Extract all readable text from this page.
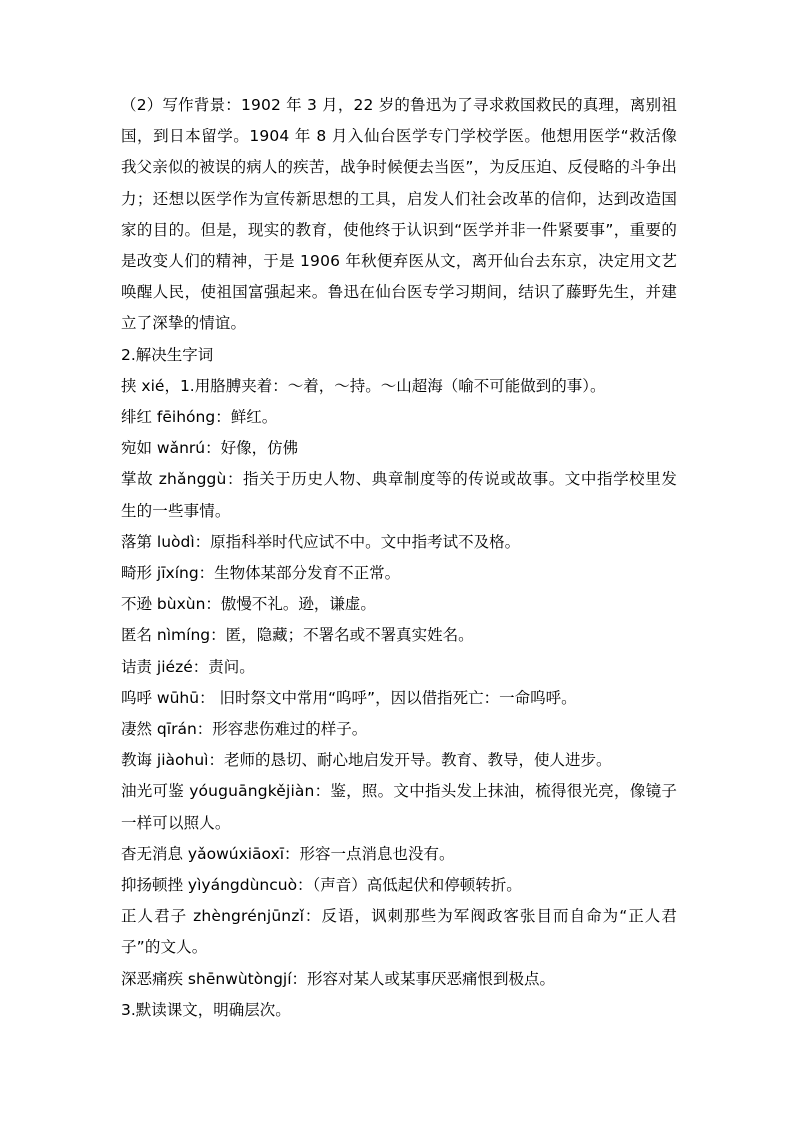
（2）写作背景：1902 年 3 月，22 岁的鲁迅为了寻求救国救民的真理，离别祖国，到日本留学。1904 年 8 月入仙台医学专门学校学医。他想用医学“救活像我父亲似的被误的病人的疾苦，战争时候便去当医”，为反压迫、反侵略的斗争出力；还想以医学作为宣传新思想的工具，启发人们社会改革的信仰，达到改造国家的目的。但是，现实的教育，使他终于认识到“医学并非一件紧要事”，重要的是改变人们的精神，于是 1906 年秋便弃医从文，离开仙台去东京，决定用文艺唤醒人民，使祖国富强起来。鲁迅在仙台医专学习期间，结识了藤野先生，并建立了深挚的情谊。

2.解决生字词

挟 xié，1.用胳膊夹着：～着，～持。～山超海（喻不可能做到的事）。

绯红 fēihóng：鲜红。

宛如 wǎnrú：好像，仿佛

掌故 zhǎnggù：指关于历史人物、典章制度等的传说或故事。文中指学校里发生的一些事情。

落第 luòdì：原指科举时代应试不中。文中指考试不及格。

畸形 jīxíng：生物体某部分发育不正常。

不逊 bùxùn：傲慢不礼。逊，谦虚。

匿名 nìmíng：匿，隐藏；不署名或不署真实姓名。

诘责 jiézé：责问。

呜呼 wūhū： 旧时祭文中常用“呜呼”，因以借指死亡：一命呜呼。

凄然 qīrán：形容悲伤难过的样子。

教诲 jiàohuì：老师的恳切、耐心地启发开导。教育、教导，使人进步。

油光可鉴 yóuguāngkějiàn：鉴，照。文中指头发上抹油，梳得很光亮，像镜子一样可以照人。

杳无消息 yǎowúxiāoxī：形容一点消息也没有。

抑扬顿挫 yìyángdùncuò：（声音）高低起伏和停顿转折。

正人君子 zhèngrénjūnzǐ：反语，讽刺那些为军阀政客张目而自命为“正人君子”的文人。

深恶痛疾 shēnwùtòngjí：形容对某人或某事厌恶痛恨到极点。

3.默读课文，明确层次。
